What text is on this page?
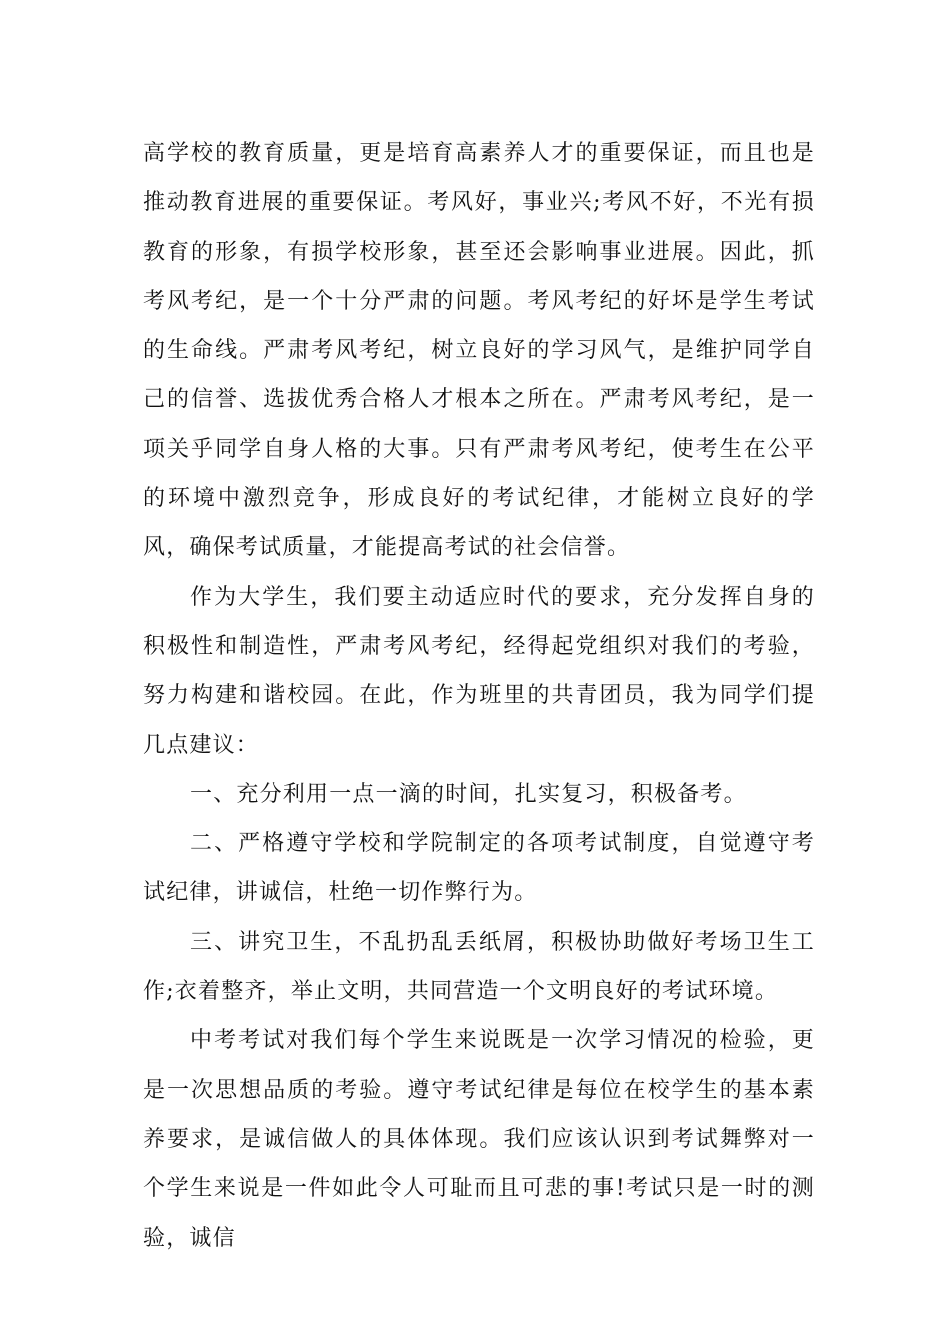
高学校的教育质量，更是培育高素养人才的重要保证，而且也是推动教育进展的重要保证。考风好，事业兴;考风不好，不光有损教育的形象，有损学校形象，甚至还会影响事业进展。因此，抓考风考纪，是一个十分严肃的问题。考风考纪的好坏是学生考试的生命线。严肃考风考纪，树立良好的学习风气，是维护同学自己的信誉、选拔优秀合格人才根本之所在。严肃考风考纪，是一项关乎同学自身人格的大事。只有严肃考风考纪，使考生在公平的环境中激烈竞争，形成良好的考试纪律，才能树立良好的学风，确保考试质量，才能提高考试的社会信誉。

作为大学生，我们要主动适应时代的要求，充分发挥自身的积极性和制造性，严肃考风考纪，经得起党组织对我们的考验，努力构建和谐校园。在此，作为班里的共青团员，我为同学们提几点建议：

一、充分利用一点一滴的时间，扎实复习，积极备考。

二、严格遵守学校和学院制定的各项考试制度，自觉遵守考试纪律，讲诚信，杜绝一切作弊行为。

三、讲究卫生，不乱扔乱丢纸屑，积极协助做好考场卫生工作;衣着整齐，举止文明，共同营造一个文明良好的考试环境。

中考考试对我们每个学生来说既是一次学习情况的检验，更是一次思想品质的考验。遵守考试纪律是每位在校学生的基本素养要求，是诚信做人的具体体现。我们应该认识到考试舞弊对一个学生来说是一件如此令人可耻而且可悲的事!考试只是一时的测验，诚信
